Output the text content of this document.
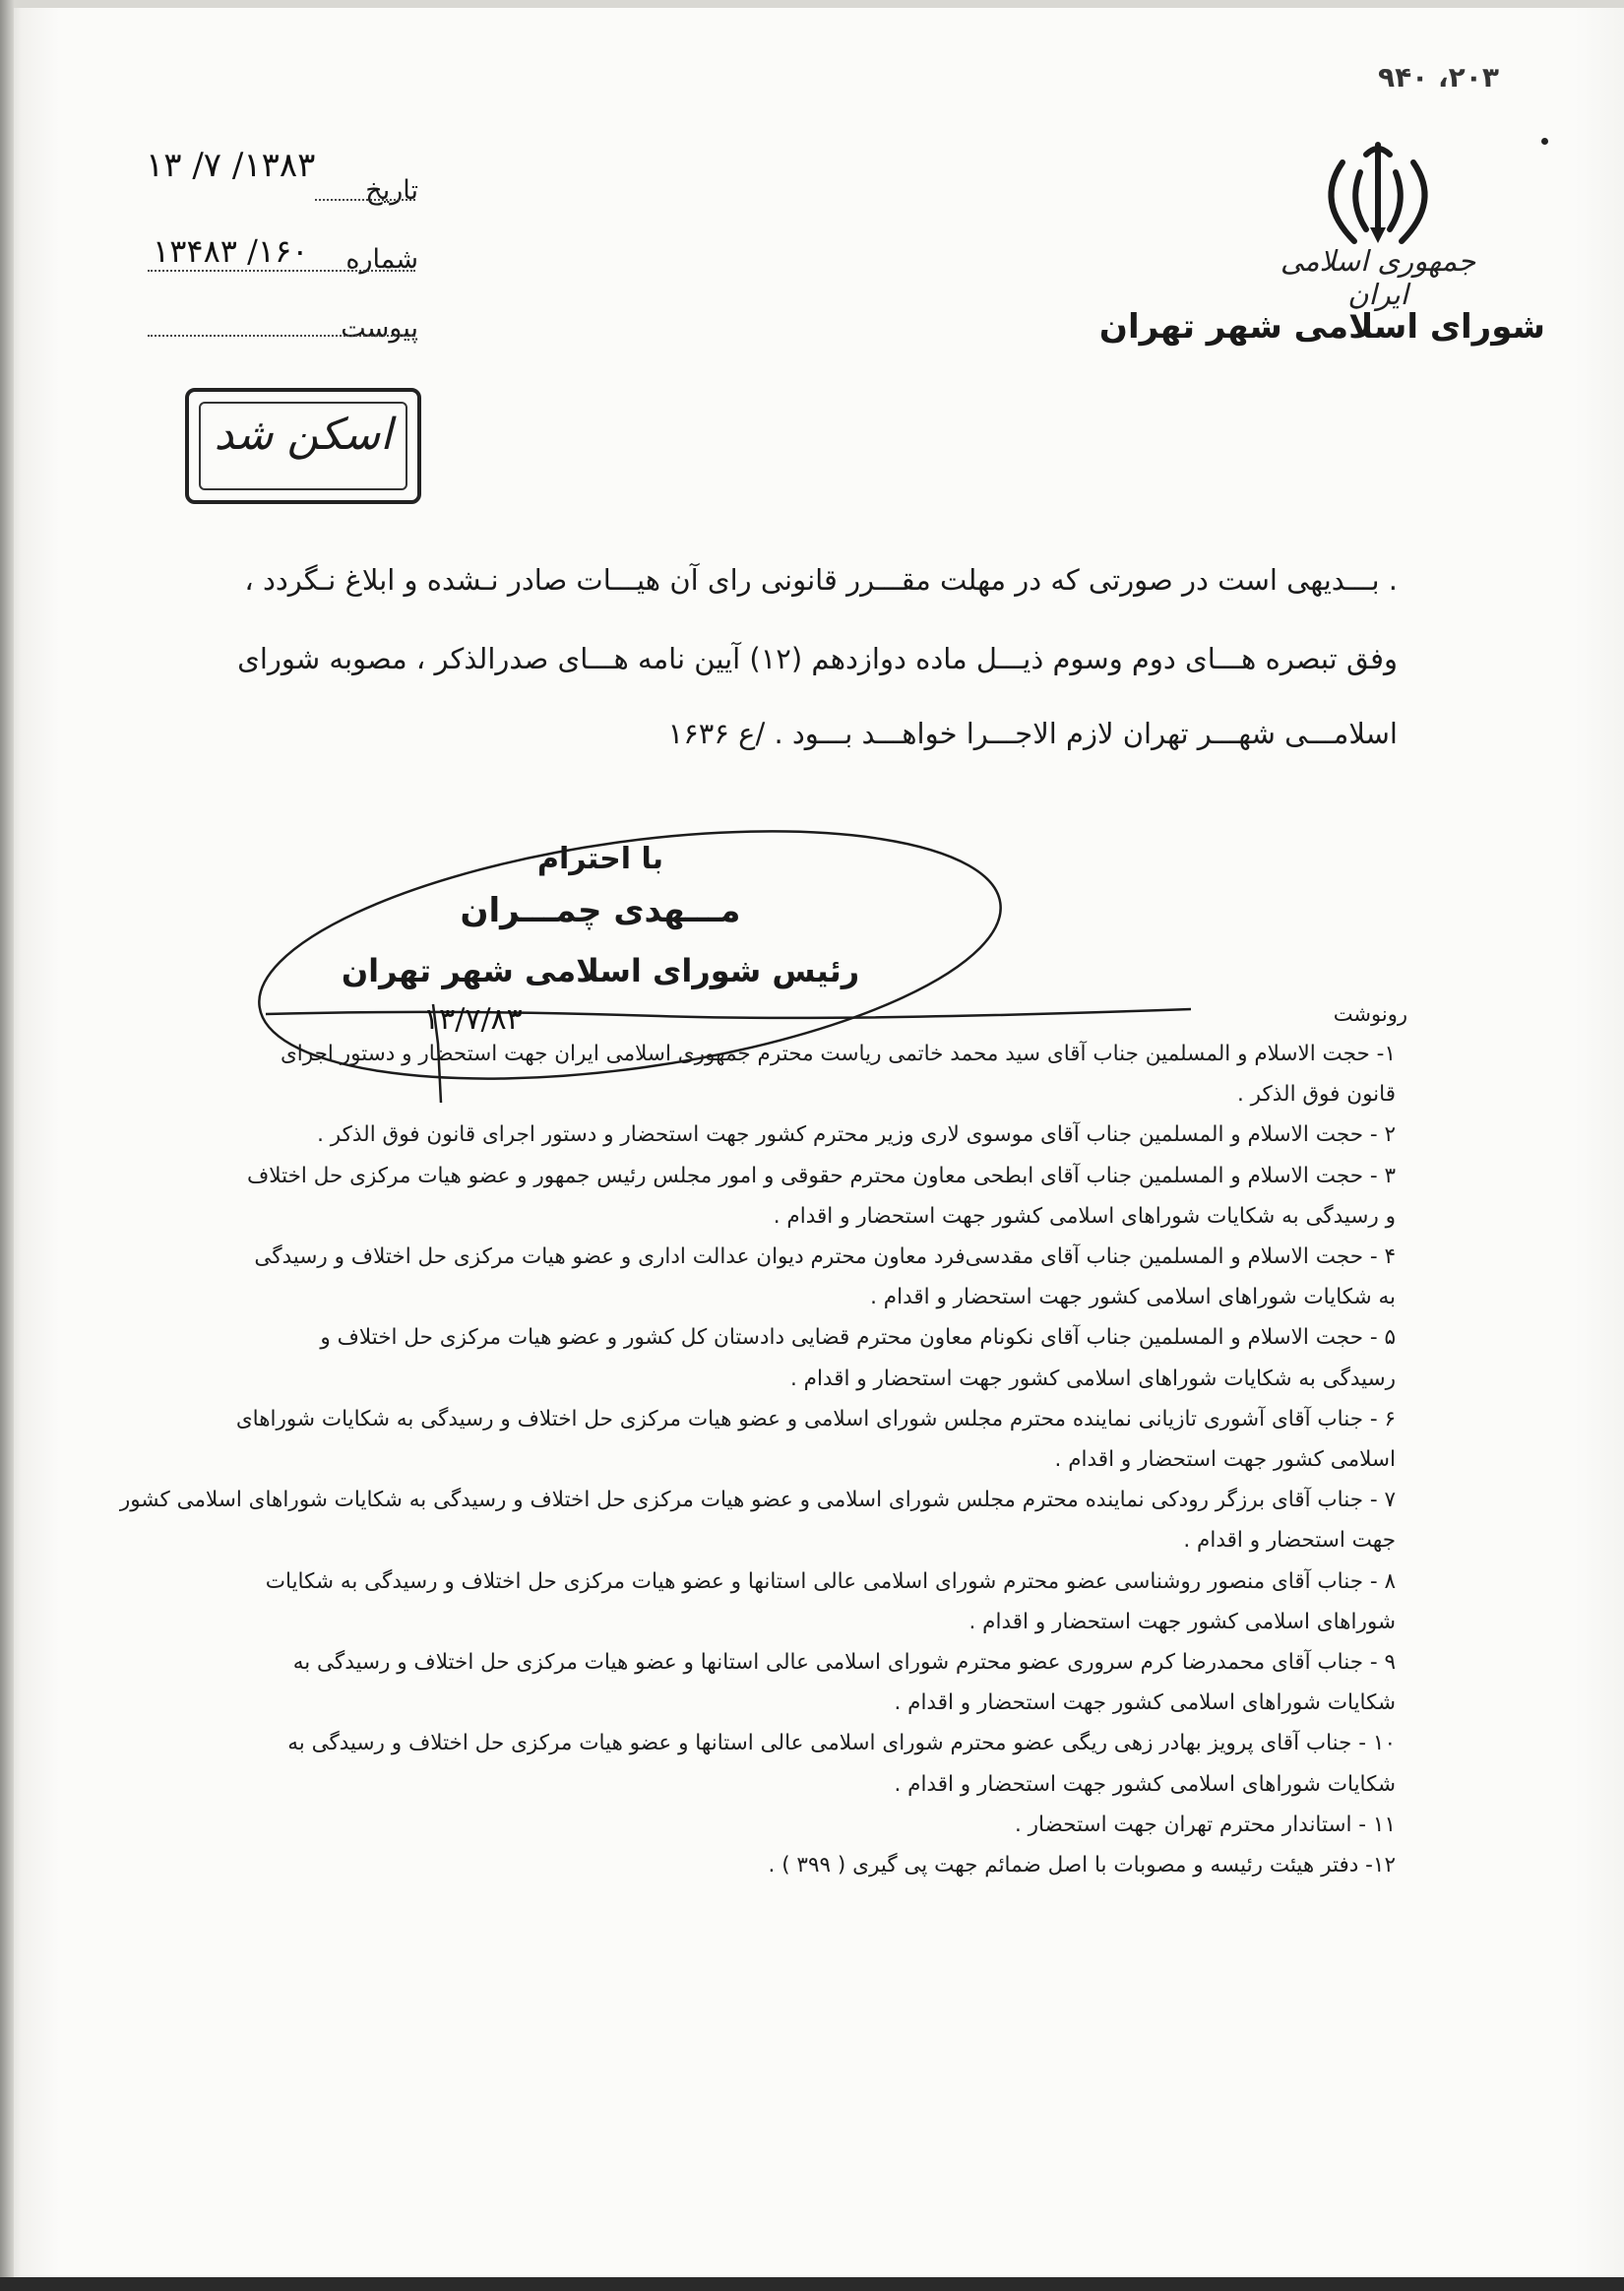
۲۰۳، ۹۴۰
جمهوری اسلامی ایران
شورای اسلامی شهر تهران
تاریخ
۱۳۸۳/ ۷/ ۱۳
شماره
۱۶۰/ ۱۳۴۸۳
پیوست
اسکن شد
. بـــدیهی است در صورتی که در مهلت مقـــرر قانونی رای آن هیـــات صادر نـشده و ابلاغ نـگردد ،
وفق تبصره هـــای دوم وسوم ذیـــل ماده دوازدهم (۱۲) آیین نامه هـــای صدرالذکر ، مصوبه شورای
اسلامـــی شهـــر تهران لازم الاجـــرا خواهـــد بـــود . /ع ۱۶۳۶
با احترام
مـــهدی چمـــران
رئیس شورای اسلامی شهر تهران
۱۳/۷/۸۳	رونوشت
۱- حجت الاسلام و المسلمین جناب آقای سید محمد خاتمی ریاست محترم جمهوری اسلامی ایران جهت استحضار و دستور اجرای
قانون فوق الذکر .
۲ - حجت الاسلام و المسلمین جناب آقای موسوی لاری وزیر محترم کشور جهت استحضار و دستور اجرای قانون فوق الذکر .
۳ - حجت الاسلام و المسلمین جناب آقای ابطحی معاون محترم حقوقی و امور مجلس رئیس جمهور و عضو هیات مرکزی حل اختلاف
و رسیدگی به شکایات شوراهای اسلامی کشور جهت استحضار و اقدام .
۴ - حجت الاسلام و المسلمین جناب آقای مقدسی‌فرد معاون محترم دیوان عدالت اداری و عضو هیات مرکزی حل اختلاف و رسیدگی
به شکایات شوراهای اسلامی کشور جهت استحضار و اقدام .
۵ - حجت الاسلام و المسلمین جناب آقای نکونام معاون محترم قضایی دادستان کل کشور و عضو هیات مرکزی حل اختلاف و
رسیدگی به شکایات شوراهای اسلامی کشور جهت استحضار و اقدام .
۶ - جناب آقای آشوری تازیانی نماینده محترم مجلس شورای اسلامی و عضو هیات مرکزی حل اختلاف و رسیدگی به شکایات شوراهای
اسلامی کشور جهت استحضار و اقدام .
۷ - جناب آقای برزگر رودکی نماینده محترم مجلس شورای اسلامی و عضو هیات مرکزی حل اختلاف و رسیدگی به شکایات شوراهای اسلامی کشور
جهت استحضار و اقدام .
۸ - جناب آقای منصور روشناسی عضو محترم شورای اسلامی عالی استانها و عضو هیات مرکزی حل اختلاف و رسیدگی به شکایات
شوراهای اسلامی کشور جهت استحضار و اقدام .
۹ - جناب آقای محمدرضا کرم سروری عضو محترم شورای اسلامی عالی استانها و عضو هیات مرکزی حل اختلاف و رسیدگی به
شکایات شوراهای اسلامی کشور جهت استحضار و اقدام .
۱۰ - جناب آقای پرویز بهادر زهی ریگی عضو محترم شورای اسلامی عالی استانها و عضو هیات مرکزی حل اختلاف و رسیدگی به
شکایات شوراهای اسلامی کشور جهت استحضار و اقدام .
۱۱ - استاندار محترم تهران جهت استحضار .
۱۲- دفتر هیئت رئیسه و مصوبات با اصل ضمائم جهت پی گیری ( ۳۹۹ ) .
